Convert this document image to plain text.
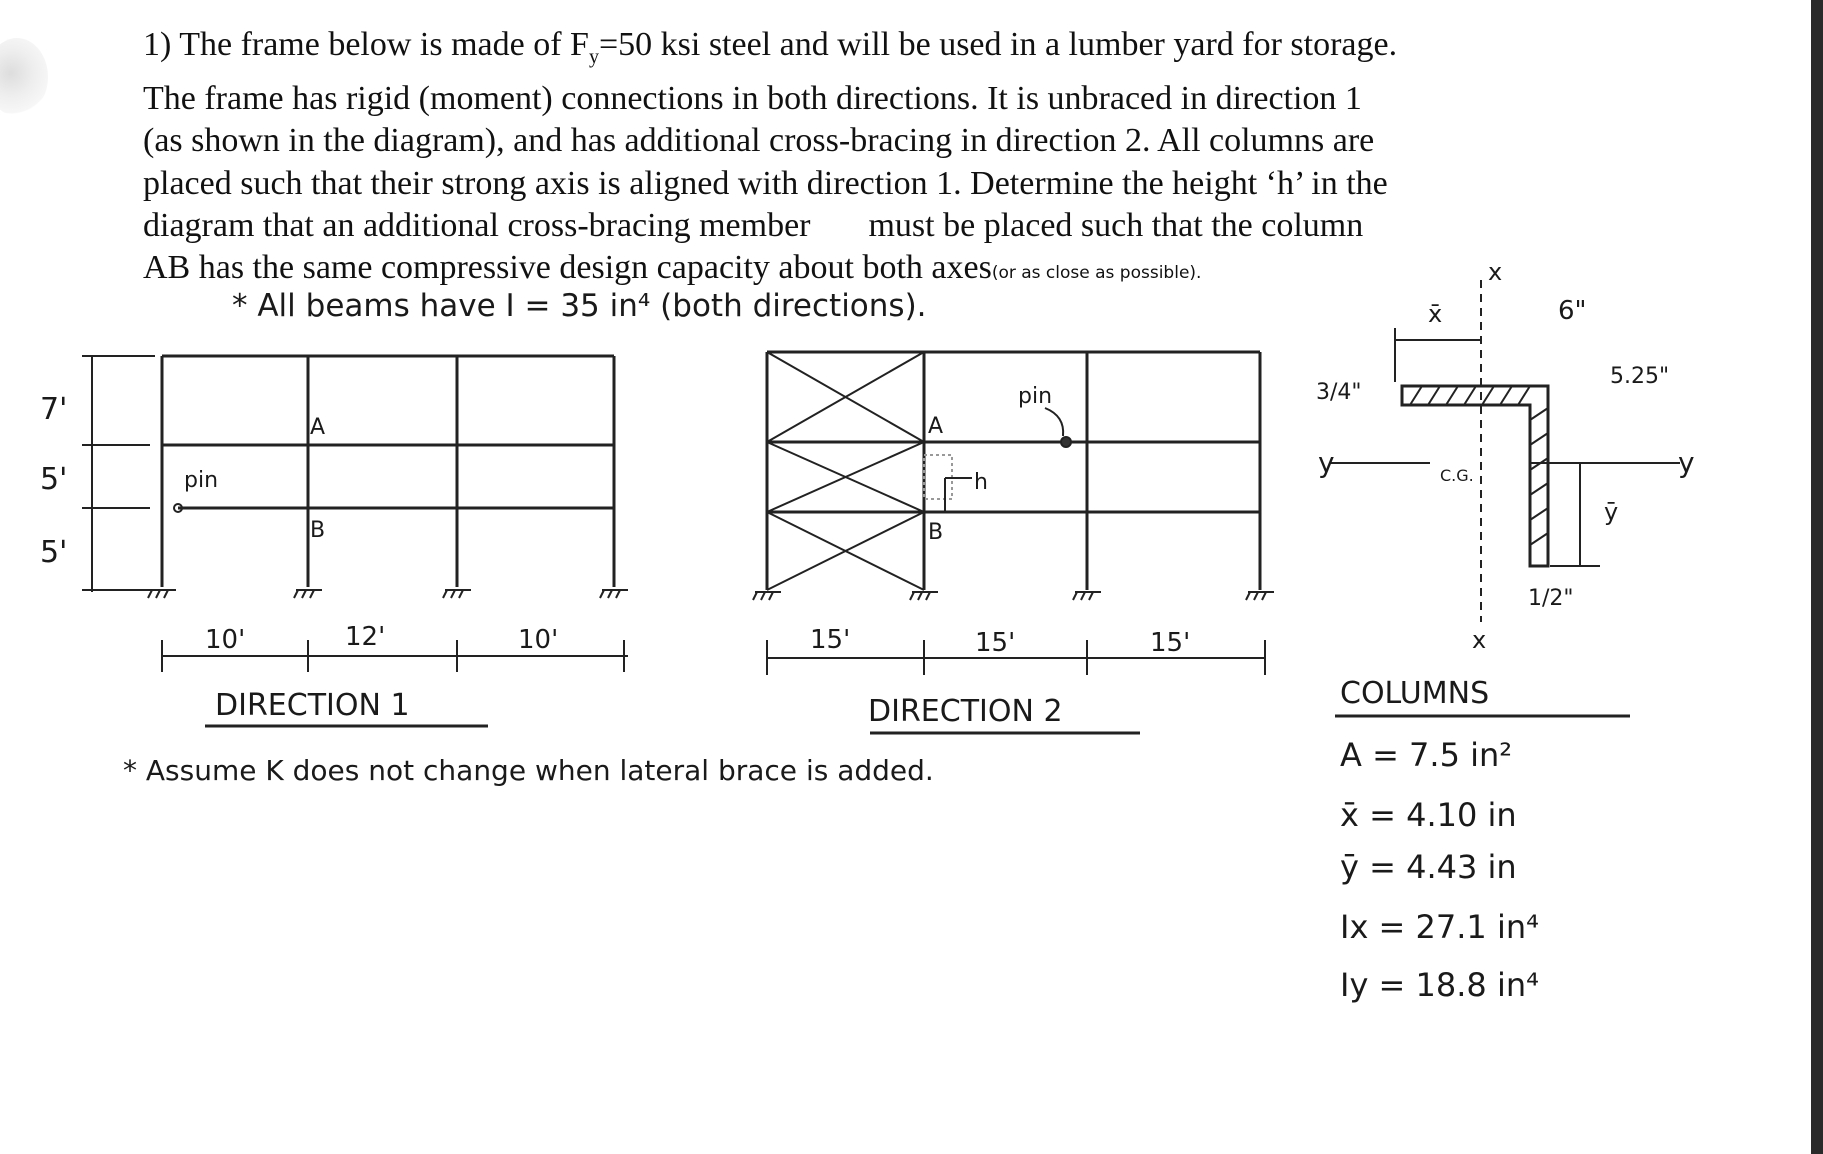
1) The frame below is made of $F_y=50$ ksi steel and will be used in a lumber yard for storage.
The frame has rigid (moment) connections in both directions. It is unbraced in direction 1
(as shown in the diagram), and has additional cross-bracing in direction 2. All columns are
placed such that their strong axis is aligned with direction 1. Determine the height ‘h’ in the
diagram that an additional cross-bracing member must be placed such that the column
AB has the same compressive design capacity about both axes(or as close as possible).
* All beams have I = 35 in⁴ (both directions).
* Assume K does not change when lateral brace is added.
7'
5'
5'
A
B
pin
10'	12'	10'
DIRECTION 1
A
B
h
pin
15'	15'	15'
DIRECTION 2
x
x
x̄	6"
5.25"
3/4"
y	y
C.G.
ȳ
1/2"
COLUMNS
A = 7.5 in²
x̄ = 4.10 in
ȳ = 4.43 in
Ix = 27.1 in⁴
Iy = 18.8 in⁴
